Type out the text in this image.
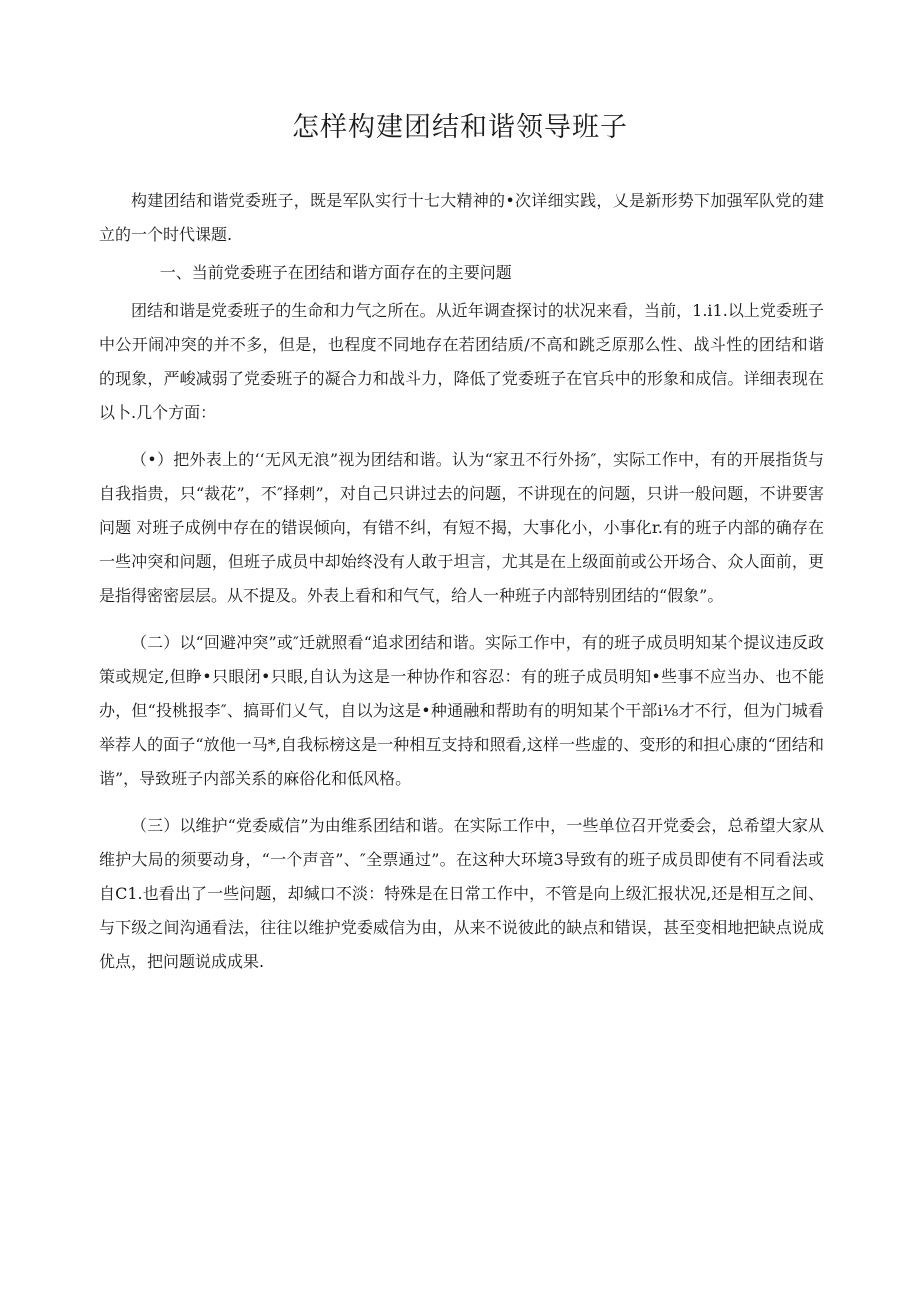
怎样构建团结和谐领导班子

构建团结和谐党委班子，既是军队实行十七大精神的•次详细实践，乂是新形势下加强军队党的建立的一个时代课题.

一、当前党委班子在团结和谐方面存在的主要问题

团结和谐是党委班子的生命和力气之所在。从近年调查探讨的状况来看，当前，1.i1.以上党委班子中公开闹冲突的并不多，但是，也程度不同地存在若团结质/不高和跳乏原那么性、战斗性的团结和谐的现象，严峻减弱了党委班子的凝合力和战斗力，降低了党委班子在官兵中的形象和成信。详细表现在以卜.几个方面：

（•）把外表上的‘‘无风无浪”视为团结和谐。认为“家丑不行外扬″，实际工作中，有的开展指货与自我指贵，只“裁花”，不″择刺”，对自己只讲过去的问题，不讲现在的问题，只讲一般问题，不讲要害问题 对班子成例中存在的错误倾向，有错不纠，有短不揭，大事化小，小事化r.有的班子内部的确存在一些冲突和问题，但班子成员中却始终没有人敢于坦言，尤其是在上级面前或公开场合、众人面前，更是指得密密层层。从不提及。外表上看和和气气，给人一种班子内部特别团结的“假象”。

（二）以“回避冲突”或″迁就照看“追求团结和谐。实际工作中，有的班子成员明知某个提议违反政策或规定,但睁•只眼闭•只眼,自认为这是一种协作和容忍：有的班子成员明知•些事不应当办、也不能办，但“投桃报李″、搞哥们乂气，自以为这是•种通融和帮助有的明知某个干部i⅛才不行，但为门城看举荐人的面子“放他一马*,自我标榜这是一种相互支持和照看,这样一些虚的、变形的和担心康的“团结和谐”，导致班子内部关系的麻俗化和低风格。

（三）以维护“党委威信”为由维系团结和谐。在实际工作中，一些单位召开党委会，总希望大家从维护大局的须要动身，“一个声音”、″全票通过”。在这种大环境3导致有的班子成员即使有不同看法或自C1.也看出了一些问题，却缄口不淡：特殊是在日常工作中，不管是向上级汇报状况,还是相互之间、与下级之间沟通看法，往往以维护党委威信为由，从来不说彼此的缺点和错误，甚至变相地把缺点说成优点，把问题说成成果.
